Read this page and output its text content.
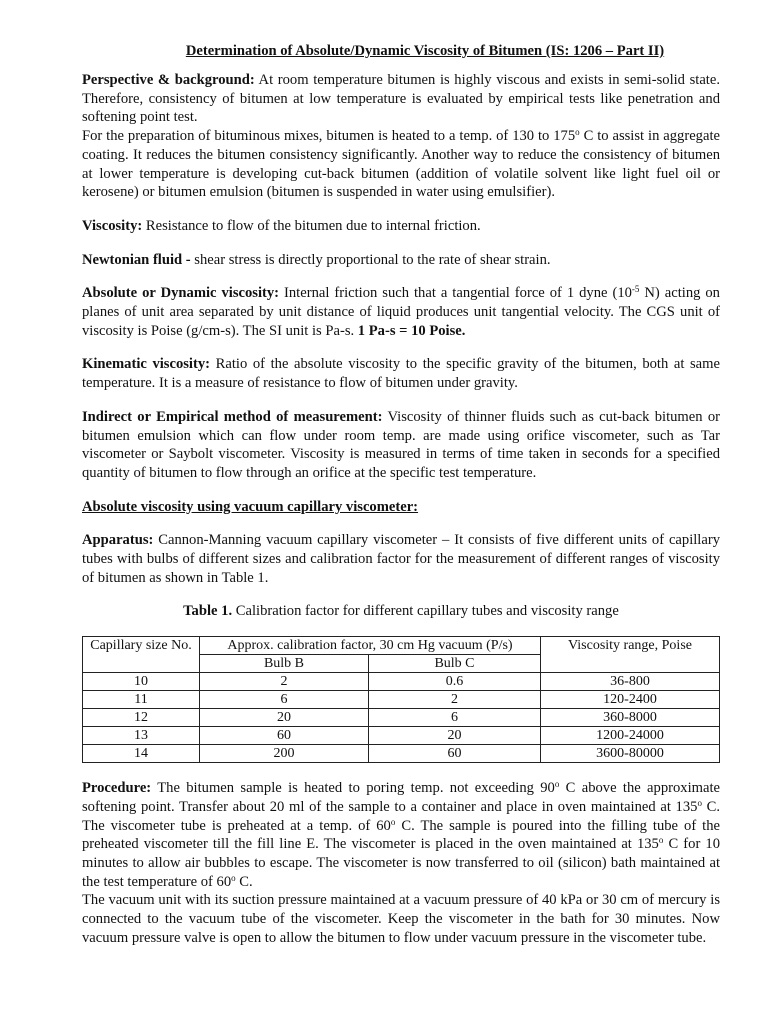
Determination of Absolute/Dynamic Viscosity of Bitumen (IS: 1206 – Part II)

Perspective & background: At room temperature bitumen is highly viscous and exists in semi-solid state. Therefore, consistency of bitumen at low temperature is evaluated by empirical tests like penetration and softening point test.

For the preparation of bituminous mixes, bitumen is heated to a temp. of 130 to 175$^o$ C to assist in aggregate coating. It reduces the bitumen consistency significantly. Another way to reduce the consistency of bitumen at lower temperature is developing cut-back bitumen (addition of volatile solvent like light fuel oil or kerosene) or bitumen emulsion (bitumen is suspended in water using emulsifier).

Viscosity: Resistance to flow of the bitumen due to internal friction.

Newtonian fluid - shear stress is directly proportional to the rate of shear strain.

Absolute or Dynamic viscosity: Internal friction such that a tangential force of 1 dyne ($10^{-5}$ N) acting on planes of unit area separated by unit distance of liquid produces unit tangential velocity. The CGS unit of viscosity is Poise (g/cm-s). The SI unit is Pa-s. 1 Pa-s = 10 Poise.

Kinematic viscosity: Ratio of the absolute viscosity to the specific gravity of the bitumen, both at same temperature. It is a measure of resistance to flow of bitumen under gravity.

Indirect or Empirical method of measurement: Viscosity of thinner fluids such as cut-back bitumen or bitumen emulsion which can flow under room temp. are made using orifice viscometer, such as Tar viscometer or Saybolt viscometer. Viscosity is measured in terms of time taken in seconds for a specified quantity of bitumen to flow through an orifice at the specific test temperature.

Absolute viscosity using vacuum capillary viscometer:

Apparatus: Cannon-Manning vacuum capillary viscometer – It consists of five different units of capillary tubes with bulbs of different sizes and calibration factor for the measurement of different ranges of viscosity of bitumen as shown in Table 1.

Table 1. Calibration factor for different capillary tubes and viscosity range

Capillary size No.	Approx. calibration factor, 30 cm Hg vacuum (P/s)		Viscosity range, Poise
	Bulb B	Bulb C	
10	2	0.6	36-800
11	6	2	120-2400
12	20	6	360-8000
13	60	20	1200-24000
14	200	60	3600-80000

Procedure: The bitumen sample is heated to poring temp. not exceeding 90$^o$ C above the approximate softening point. Transfer about 20 ml of the sample to a container and place in oven maintained at 135$^o$ C. The viscometer tube is preheated at a temp. of 60$^o$ C. The sample is poured into the filling tube of the preheated viscometer till the fill line E. The viscometer is placed in the oven maintained at 135$^o$ C for 10 minutes to allow air bubbles to escape. The viscometer is now transferred to oil (silicon) bath maintained at the test temperature of 60$^o$ C.

The vacuum unit with its suction pressure maintained at a vacuum pressure of 40 kPa or 30 cm of mercury is connected to the vacuum tube of the viscometer. Keep the viscometer in the bath for 30 minutes. Now vacuum pressure valve is open to allow the bitumen to flow under vacuum pressure in the viscometer tube.
